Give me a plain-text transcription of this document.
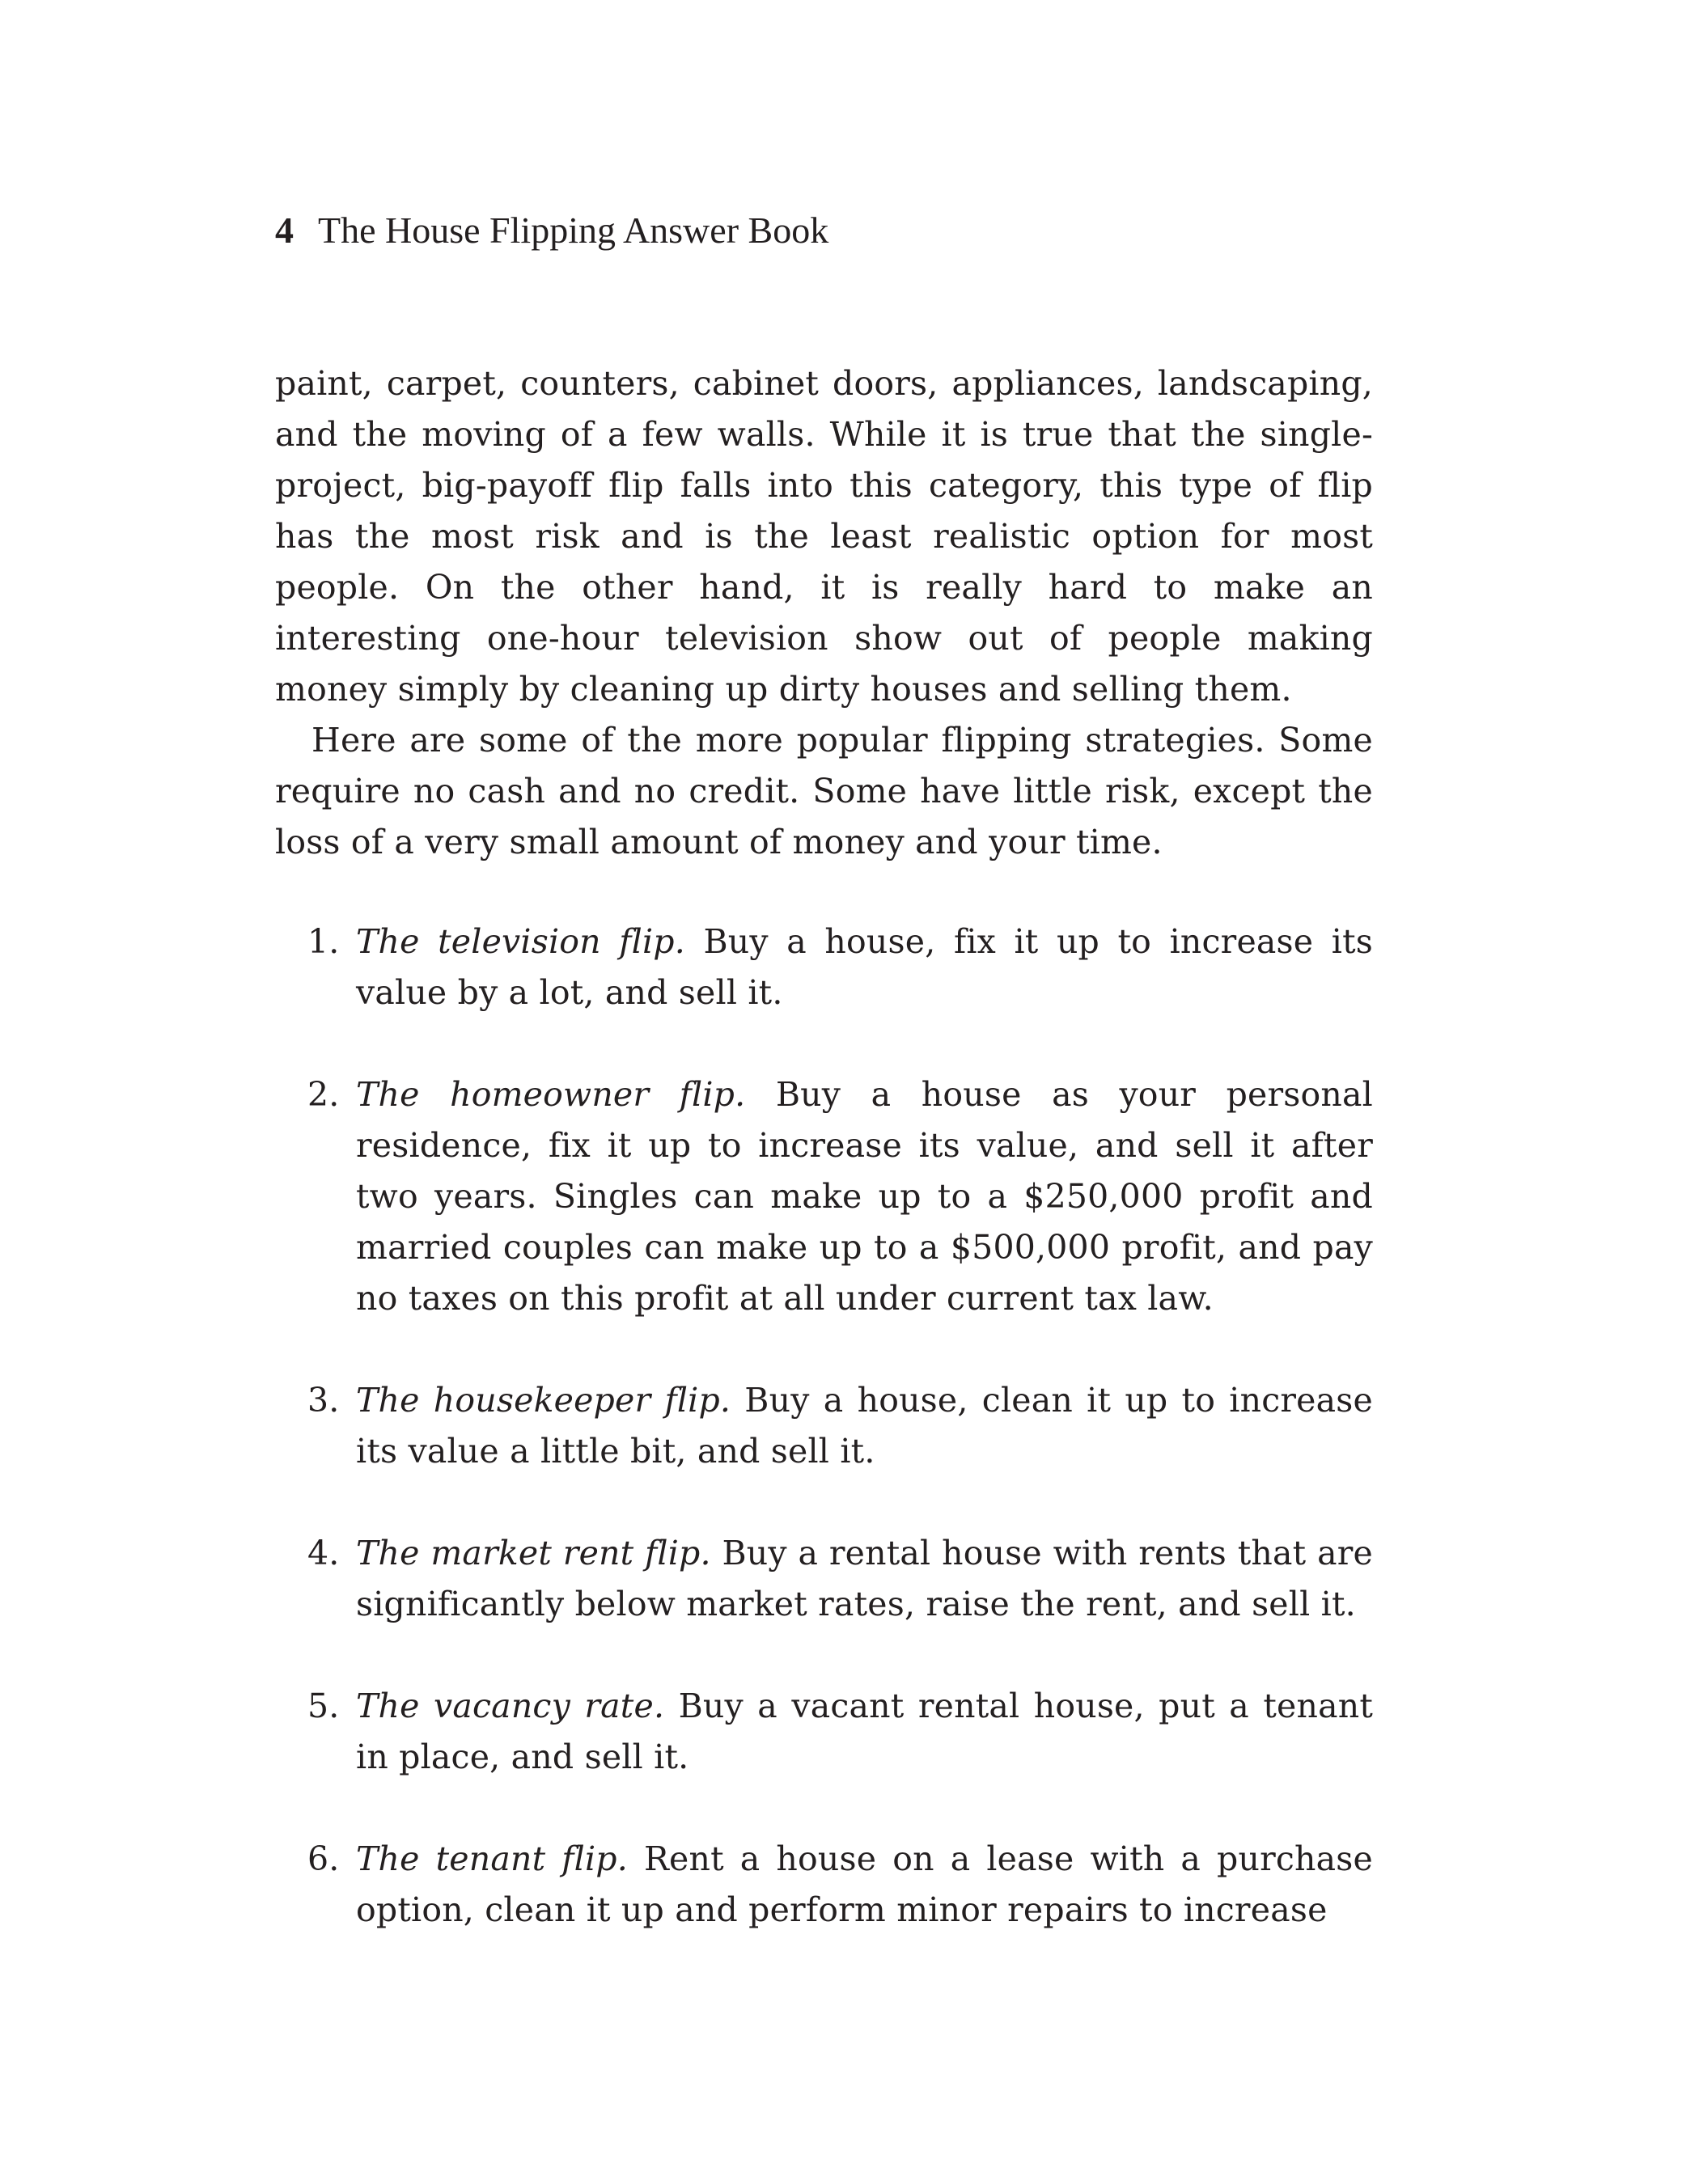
4 The House Flipping Answer Book

paint, carpet, counters, cabinet doors, appliances, landscaping, and the moving of a few walls. While it is true that the single-project, big-payoff flip falls into this category, this type of flip has the most risk and is the least realistic option for most people. On the other hand, it is really hard to make an interesting one-hour television show out of people making money simply by cleaning up dirty houses and selling them.

Here are some of the more popular flipping strategies. Some require no cash and no credit. Some have little risk, except the loss of a very small amount of money and your time.

1. The television flip. Buy a house, fix it up to increase its value by a lot, and sell it.
2. The homeowner flip. Buy a house as your personal residence, fix it up to increase its value, and sell it after two years. Singles can make up to a $250,000 profit and married couples can make up to a $500,000 profit, and pay no taxes on this profit at all under current tax law.
3. The housekeeper flip. Buy a house, clean it up to increase its value a little bit, and sell it.
4. The market rent flip. Buy a rental house with rents that are significantly below market rates, raise the rent, and sell it.
5. The vacancy rate. Buy a vacant rental house, put a tenant in place, and sell it.
6. The tenant flip. Rent a house on a lease with a purchase option, clean it up and perform minor repairs to increase
